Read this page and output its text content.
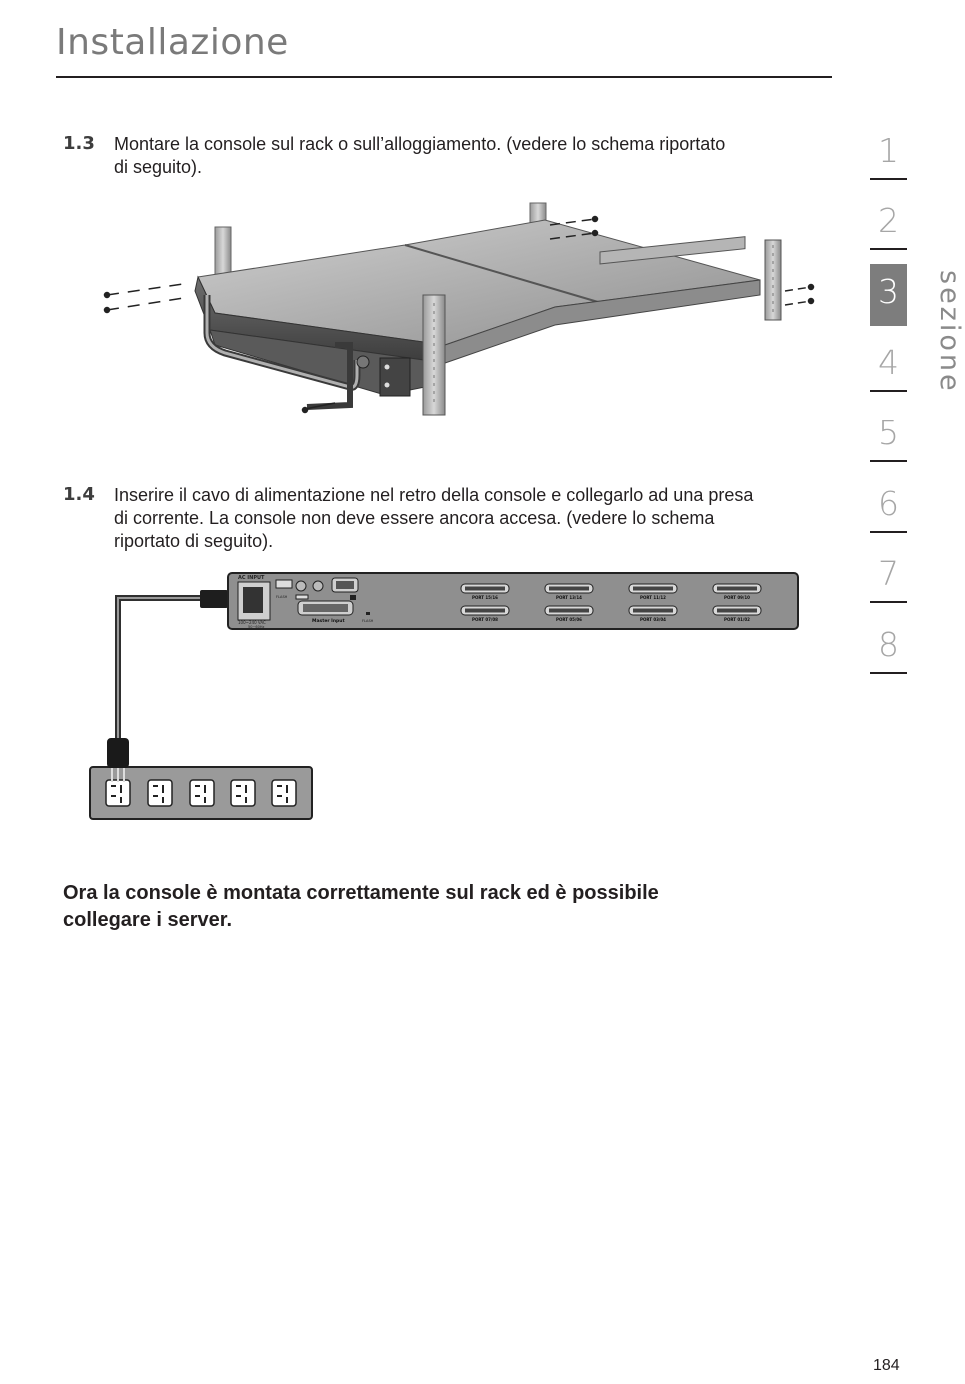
Installazione
1.3 Montare la console sul rack o sull’alloggiamento. (vedere lo schema riportato
di seguito).
1.4 Inserire il cavo di alimentazione nel retro della console e collegarlo ad una presa
di corrente. La console non deve essere ancora accesa. (vedere lo schema
riportato di seguito).
AC INPUT
100~240 VAC
50~60Hz
FLASH
Master Input	FLASH
PORT 15/16	PORT 13/14	PORT 11/12	PORT 09/10
PORT 07/08	PORT 05/06	PORT 03/04	PORT 01/02
Ora la console è montata correttamente sul rack ed è possibile
collegare i server.
1
2
3
4
5
6
7
8
sezione
184
